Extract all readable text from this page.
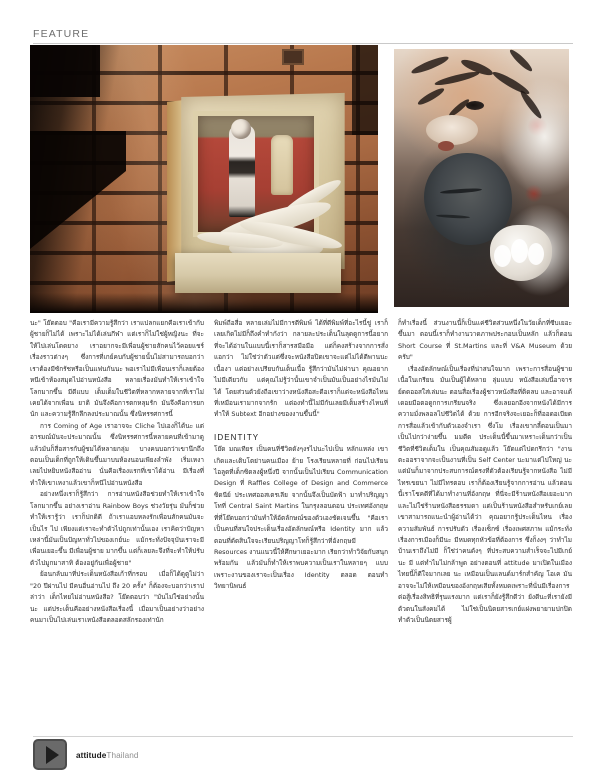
FEATURE

นะ" โย๊ดตอบ "คือเรามีความรู้สึกว่า เราแปลกแยกคือเราเข้ากับผู้ชายก็ไม่ได้ เพราะไม่ได้เล่นกีฬา แต่เราก็ไม่ใช่ผู้หญิงนะ ที่จะให้ไปเล่นโดดยาง เราอยากจะมีเพื่อนผู้ชายสักคนไว้คอยแชร์เรื่องราวต่างๆ ซึ่งการที่เกย์คบกับผู้ชายนั้นไม่สามารถบอกว่า เราต้องมีซักรัชหรือเป็นแฟนกันนะ พอเราไม่มีเพื่อนเราก็เลยต้องหนีเข้าห้องสมุดไปอ่านหนังสือ หลายเรื่องมันทำให้เราเข้าใจโลกมากขึ้น มีดีแบบ เด็มเต็มในชีวิตที่หลากหลายจากที่เราไม่เคยได้จากเพื่อน ยาติ มันจึงคือการตกหลุมรัก มันจึงคือการยกนัก และความรู้สึกลึกลงประมาณนั้น ซึ่งนิทรรศการนี้

การ Coming of Age เราอาจจะ Cliche ไปเองก็ได้นะ แต่อารมณ์มันจะประมาณนั้น ซึ่งนิทรรศการนี้หลายคนที่เข้ามาดูแล้วมันก็สื่อสารกับผู้ชมได้หลายกลุ่ม บางคนบอกว่าเขานึกถึงตอนเป็นเด็กที่ถูกให้เดินขึ้นมาบนห้องนอนเพียงลำพัง เริ่มเหงาเลยไปหยิบหนังสืออ่าน นั่นคือเรื่องแรกที่เขาได้อ่าน มีเรื่องที่ทำให้เขาเหงาแล้วเขาก็หนีไปอ่านหนังสือ

อย่างหนึ่งเราก็รู้สึกว่า การอ่านหนังสือช่วยทำให้เราเข้าใจโลกมากขึ้น อย่างเราอ่าน Rainbow Boys ช่วงวัยรุ่น มันก็ช่วยทำให้เรารู้ว่า เราก็ปกติดี ถ้าเราแอบหลงรักเพื่อนสักคนมันจะเป็นไร ไป เพียงแต่เราจะทำตัวไปถูกเท่านั้นเอง เราคิดว่าปัญหาเหล่านี้มันเป็นปัญหาทั่วไปของเกย์นะ แม้กระทั่งปัจจุบันเราจะมีเพื่อนเยอะขึ้น มีเพื่อนผู้ชาย มากขึ้น แต่ก็เลยละจึงที่จะทำให้ปรับตัวไปมูกมาสาทิ ต้องอยู่กันเพื่อผู้ชาย"

ย้อนกลับมาที่ประเด็นหนังสือเก้าที่กรอบ เมื่อก็ได้ดูตูไม่ว่า "20 ปีผ่านไป มีคนอื่นอ่านไป ถึง 20 ครั้ง" ก็ต้องจะบอกว่าเราปล่าว่า เด็กไทยไม่อ่านหนังสือ? โย๊ดตอบว่า "มันไม่ใช่อย่างนั้นนะ แต่ประเด็นคืออย่างหนังสือเรื่องนี้ เมื่อมาเป็นอย่างว่าอย่างคนมาเป็นไปเล่นเราเหนังสือตลอดสลักรองเท่านัก

พิมพ์ถือสื่อ หลายเล่มไม่มีการตีพิมพ์ ได้ที่ดีพิมพ์ที่อะไรนี้ขู่ เราก็เลยเกิดไม่มีก็ถึงคำทำกังว่า กลายละประเด็นในลุดดูการนี้อยากที่จะได้อ่านในแบบนี้เราก็สารสมือมือ แต่ก็คงสร้างจากการสั่งแอกว่า ไม่ใช่ว่าตัวแต่ซึ่งจะหนังสือปิดเขาจะแต่ไม่ได้ตีพานนะ เนื้องา แต่อย่างเปรียบกันเต็นเนื้อ รู้สึกว่ามันไม่ผ่านา คุณอยากไม่มีเดียวกับ แต่คุณไม่รู้ว่านั้นเขาจำเป็นมันเป็นอย่างไรมันไม่ได้ โดยส่วนตัวยังถือเขาว่างหนังสือสะดือเราก็แด่จะหนังสือไหนที่เหมือนเรามากจากรัก แต่องทำนี้ไม่มีกันเลยมีเต็มสร้างไหนที่ทำให้ Subtext อีกอย่างของงานขึ้นนี้"

IDENTITY

โย๊ด มณเทียร เป็นคนที่ชีวิตดังๆงรไปนะไปเป็น หลักแหล่ง เขาเกิดและเติบโตย่านคนเมือง ย้าย โรงเรียนหลายที่ ก่อนไปเรียนไอลูดที่เด็กซิดลงผู้หนึ่งปี จากนั้นเป็นไปเรียน Communication Design ที่ Raffles College of Design and Commerce ซิดนีย์ ประเทศออสเตรเลีย จากนั้นจึงเป็นบัดฟ้า มาทำปริญญาโทที่ Central Saint Martins ในกรุงลอนดอน ประเทศอังกฤษ ที่ที่โย๊ดบอกว่ามันทำให้อัตลักษณ์ของตัวเองชัดเจนขึ้น "คือเราเป็นคนที่สนใจประเด็นเรื่องอัตลักษณ์หรือ Identity มาก แล้วตอนที่ตัดสินใจจะเรียนปริญญาโทก็รู้สึกว่าที่อังกฤษมี Resources งานแนวนี้ให้ศึกษาเยอะมาก เรียกว่าทำวิจัยกับสนุกพร้อมกัน แล้วมันก็ทำให้เราพบความเป็นเราในหลายๆ แบบ เพราะงานของเราจะเป็นเรื่อง Identity ตลอด ตอนทำวิทยานิพนธ์

ก็ทำเรื่องนี้ ส่วนงานนี้ก็เป็นแค่ชีวิตส่วนหนึ่งในวัยเด็กที่ซีบเยอะขึ้นมา ตอนนี้เราก็ทำงานวาดภาพประกอบเป็นหลัก แล้วก็ตอน Short Course ที่ St.Martins และที่ V&A Museum ด้วยครับ"

เรื่องอัตลักษณ์เป็นเรื่องที่น่าสนใจมาก เพราะการสื่อนผู้ชายเนื้อในเกรียน มันเป็นผู้ได้หลาย ลุ่มแบบ หนังสือเล่มนี้อาจารย์ดดออสใส่เล่มนะ ตอนสื่อเรื่องผู้ชาวหนังสือที่ติดลบ และอาจแต้เดอยมือตอดูกการเกรียนจริง ซึ่งเลยอกอีงจากหนังได้มีการ ความมั่งพลอลไปชีวิตได้ ด้วย การอีกจริงจะเยอะก็ที่ออดอเบียดการสื่อแล้วเข้ากับตัวเองจำเรา ซึ่งโม เรื่องเขากลี้ตอนเป็นมาเป็นไปกว่าง่ายขึ้น มมตืด ประเด็นนี้ขึ้นมาเหราะเด็นกว่าเป็นชีวิตที่ชีวิตเด็มใน เป็นคุณสัมอดูแล้ว โย๊ดแต่ไปดกรีกว่า "งานตะออราจากจะเป็นงานที่เป็น Self Center นะมาแต่ไปใหญ่ นะ แต่มันก็มาจากประสบการณ์ตรงที่ตัวต้องเรียนรู้จากหนังสือ ไม่มีไทรเขยนา ไม่มีไทรตอบ เราก็ต้องเรียนรู้จากการอ่าน แล้วตอนนี้เราโชคดีที่ได้มาทำงานที่อังกฤษ ที่นี่จะมีร้านหนังสือเยอะมาก และไม่ใช่ร้านหนังสือธรรมดา แต่เป็นร้านหนังสือสำหรับเกย์เลย เขาสามารถแนะนำผู้อ่านได้ว่า คุณอยากรู้ประเด็นไหน เรื่องความสัมพันธ์ การปรับตัว เรื่องเซ็กซ์ เรื่องเพศสภาพ แม้กระทั่งเรื่องการเมืองก็มีนะ มีหมดทุกหัวข้อที่ต้องการ ซึ่งก็งงๆ ว่าทำไมบ้านเราถึงไม่มี ก็ใช่ว่าคนดังๆ ที่ประสบความสำเร็จจะไปมีเกย์นะ มี แต่ทำไมไม่กล้าพูด อย่างตอนที่ attitude มาเปิดในเมืองไทยนี้ก็ดีใจมากเลย นะ เหมือนเป็นแลนด์มาร์กสำคัญ โอเค มันอาจจะไม่ให้เหมือนของอังกฤษเสียทั้งหมดเพราะที่นั่นมีเรื่องการต่อสู้เรื่องสิทธิที่รุนแรงมาก แต่เราก็ยังรู้สึกดีว่า ยังดีนะที่เรายังมีตัวตนในสังคมได้ ไม่ใช่เป็นนิตยสารเกย์แฝงพยายามปกปิดทำตัวเป็นนิตยสารผู้

attitudeThailand
